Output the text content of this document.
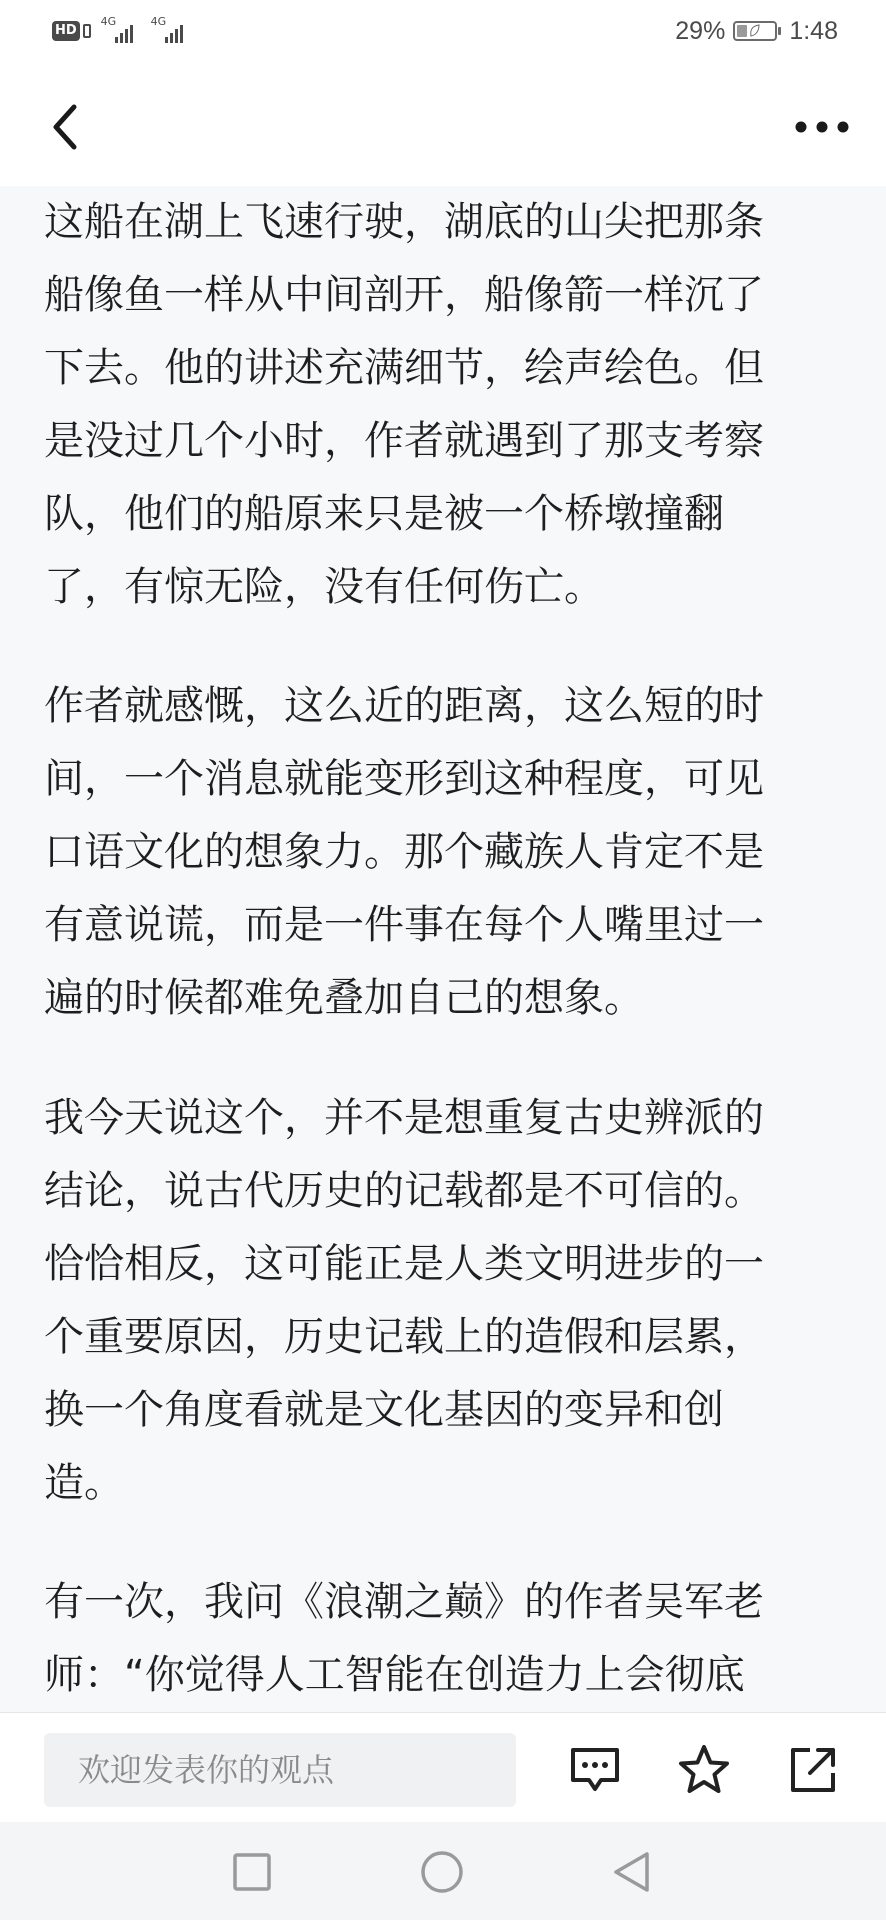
HD
4G	4G	29%	1:48

这船在湖上飞速行驶，湖底的山尖把那条
船像鱼一样从中间剖开，船像箭一样沉了
下去。他的讲述充满细节，绘声绘色。但
是没过几个小时，作者就遇到了那支考察
队，他们的船原来只是被一个桥墩撞翻
了，有惊无险，没有任何伤亡。

作者就感慨，这么近的距离，这么短的时
间，一个消息就能变形到这种程度，可见
口语文化的想象力。那个藏族人肯定不是
有意说谎，而是一件事在每个人嘴里过一
遍的时候都难免叠加自己的想象。

我今天说这个，并不是想重复古史辨派的
结论，说古代历史的记载都是不可信的。
恰恰相反，这可能正是人类文明进步的一
个重要原因，历史记载上的造假和层累，
换一个角度看就是文化基因的变异和创
造。

有一次，我问《浪潮之巅》的作者吴军老
师：“你觉得人工智能在创造力上会彻底

欢迎发表你的观点
